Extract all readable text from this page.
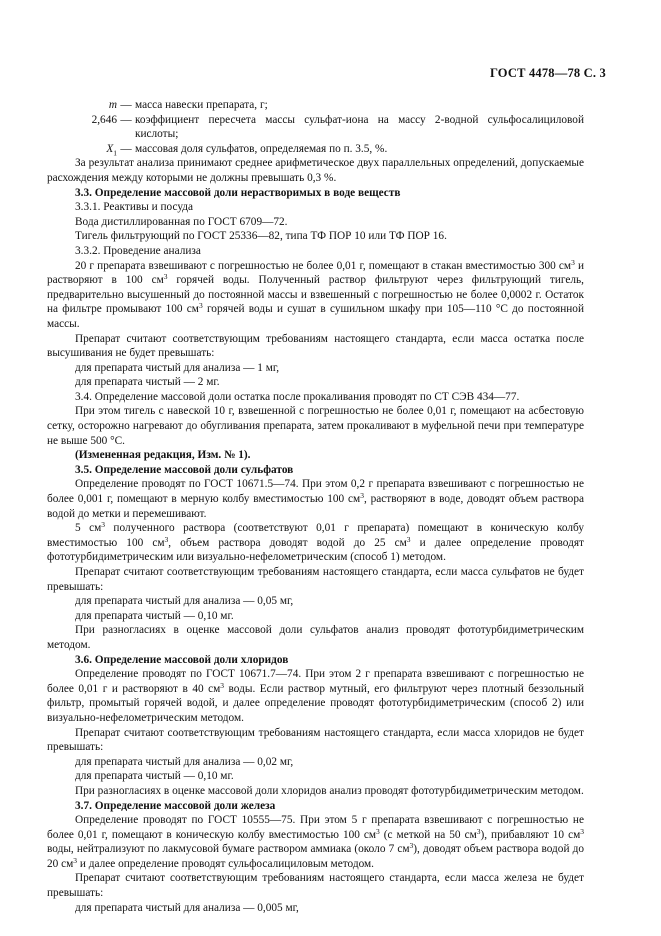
ГОСТ 4478—78 С. 3
m — масса навески препарата, г;
2,646 — коэффициент пересчета массы сульфат-иона на массу 2-водной сульфосалициловой кислоты;
$X_1$ — массовая доля сульфатов, определяемая по п. 3.5, %.

За результат анализа принимают среднее арифметическое двух параллельных определений, допускаемые расхождения между которыми не должны превышать 0,3 %.

3.3. Определение массовой доли нерастворимых в воде веществ

3.3.1. Реактивы и посуда

Вода дистиллированная по ГОСТ 6709—72.

Тигель фильтрующий по ГОСТ 25336—82, типа ТФ ПОР 10 или ТФ ПОР 16.

3.3.2. Проведение анализа

20 г препарата взвешивают с погрешностью не более 0,01 г, помещают в стакан вместимостью 300 $см^3$ и растворяют в 100 $см^3$ горячей воды. Полученный раствор фильтруют через фильтрующий тигель, предварительно высушенный до постоянной массы и взвешенный с погрешностью не более 0,0002 г. Остаток на фильтре промывают 100 $см^3$ горячей воды и сушат в сушильном шкафу при 105—110 °С до постоянной массы.

Препарат считают соответствующим требованиям настоящего стандарта, если масса остатка после высушивания не будет превышать:

для препарата чистый для анализа — 1 мг,

для препарата чистый — 2 мг.

3.4. Определение массовой доли остатка после прокаливания проводят по СТ СЭВ 434—77.

При этом тигель с навеской 10 г, взвешенной с погрешностью не более 0,01 г, помещают на асбестовую сетку, осторожно нагревают до обугливания препарата, затем прокаливают в муфельной печи при температуре не выше 500 °С.

(Измененная редакция, Изм. № 1).

3.5. Определение массовой доли сульфатов

Определение проводят по ГОСТ 10671.5—74. При этом 0,2 г препарата взвешивают с погрешностью не более 0,001 г, помещают в мерную колбу вместимостью 100 $см^3$, растворяют в воде, доводят объем раствора водой до метки и перемешивают.

5 $см^3$ полученного раствора (соответствуют 0,01 г препарата) помещают в коническую колбу вместимостью 100 $см^3$, объем раствора доводят водой до 25 $см^3$ и далее определение проводят фототурбидиметрическим или визуально-нефелометрическим (способ 1) методом.

Препарат считают соответствующим требованиям настоящего стандарта, если масса сульфатов не будет превышать:

для препарата чистый для анализа — 0,05 мг,

для препарата чистый — 0,10 мг.

При разногласиях в оценке массовой доли сульфатов анализ проводят фототурбидиметрическим методом.

3.6. Определение массовой доли хлоридов

Определение проводят по ГОСТ 10671.7—74. При этом 2 г препарата взвешивают с погрешностью не более 0,01 г и растворяют в 40 $см^3$ воды. Если раствор мутный, его фильтруют через плотный беззольный фильтр, промытый горячей водой, и далее определение проводят фототурбидиметрическим (способ 2) или визуально-нефелометрическим методом.

Препарат считают соответствующим требованиям настоящего стандарта, если масса хлоридов не будет превышать:

для препарата чистый для анализа — 0,02 мг,

для препарата чистый — 0,10 мг.

При разногласиях в оценке массовой доли хлоридов анализ проводят фототурбидиметрическим методом.

3.7. Определение массовой доли железа

Определение проводят по ГОСТ 10555—75. При этом 5 г препарата взвешивают с погрешностью не более 0,01 г, помещают в коническую колбу вместимостью 100 $см^3$ (с меткой на 50 $см^3$), прибавляют 10 $см^3$ воды, нейтрализуют по лакмусовой бумаге раствором аммиака (около 7 $см^3$), доводят объем раствора водой до 20 $см^3$ и далее определение проводят сульфосалициловым методом.

Препарат считают соответствующим требованиям настоящего стандарта, если масса железа не будет превышать:

для препарата чистый для анализа — 0,005 мг,
